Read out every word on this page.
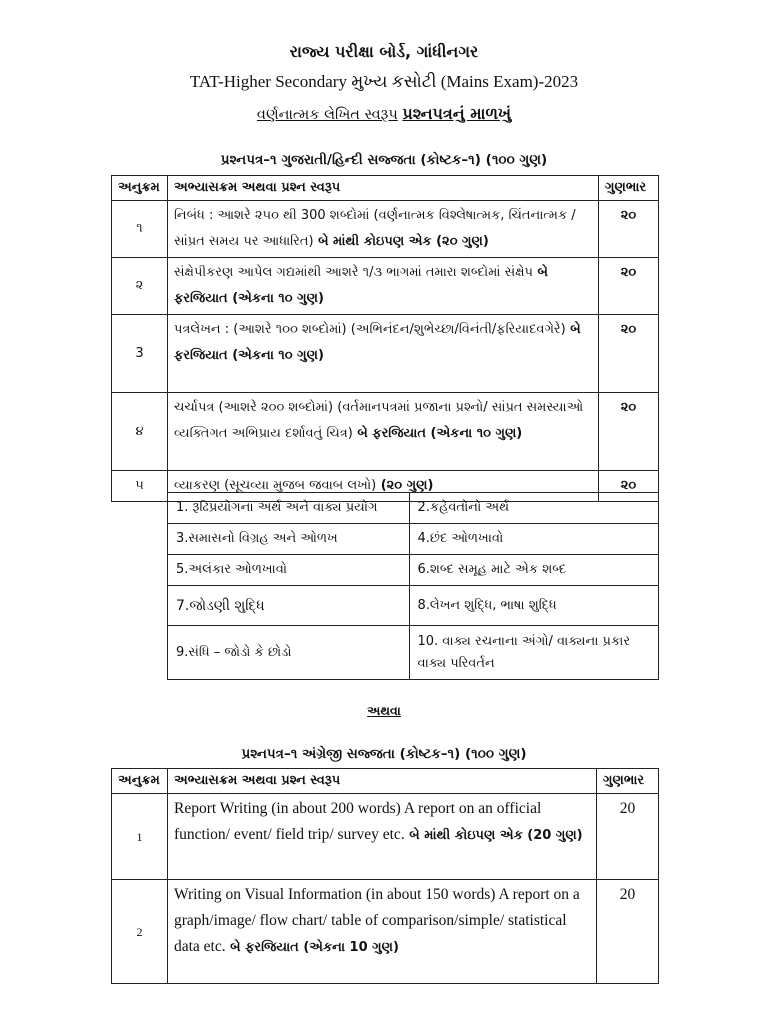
રાજ્ય પરીક્ષા બોર્ડ, ગાંધીનગર
TAT-Higher Secondary મુખ્ય કસોટી (Mains Exam)-2023
વર્ણનાત્મક લેખિત સ્વરૂપ પ્રશ્નપત્રનું માળખું
પ્રશ્નપત્ર–૧ ગુજરાતી/હિન્દી સજ્જતા (કોષ્ટક–૧) (૧૦૦ ગુણ)
અનુક્રમ	અભ્યાસક્રમ અથવા પ્રશ્ન સ્વરૂપ	ગુણભાર
૧	નિબંધ : આશરે ૨૫૦ થી 300 શબ્દોમાં (વર્ણનાત્મક વિશ્લેષાત્મક, ચિંતનાત્મક /સાંપ્રત સમય પર આધારિત) બે માંથી કોઇપણ એક (૨૦ ગુણ)	૨૦
૨	સંક્ષેપીકરણ આપેલ ગદ્યમાંથી આશરે ૧/૩ ભાગમાં તમારા શબ્દોમાં સંક્ષેપ બે ફરજિયાત (એકના ૧૦ ગુણ)	૨૦
3	પત્રલેખન : (આશરે ૧૦૦ શબ્દોમાં) (અભિનંદન/શુભેચ્છા/વિનંતી/ફરિયાદવગેરે) બે ફરજિયાત (એકના ૧૦ ગુણ)	૨૦
૪	ચર્ચાપત્ર (આશરે ૨૦૦ શબ્દોમાં) (વર્તમાનપત્રમાં પ્રજાના પ્રશ્નો/ સાંપ્રત સમસ્યાઓ વ્યક્તિગત અભિપ્રાય દર્શાવતું ચિત્ર) બે ફરજિયાત (એકના ૧૦ ગુણ)	૨૦
૫	વ્યાકરણ (સૂચવ્યા મુજબ જવાબ લખો) (૨૦ ગુણ)	૨૦
1. રૂઢિપ્રયોગના અર્થ અને વાક્ય પ્રયોગ	2.કહેવતોનો અર્થ
3.સમાસનો વિગ્રહ અને ઓળખ	4.છંદ ઓળખાવો
5.અલંકાર ઓળખાવો	6.શબ્દ સમૂહ માટે એક શબ્દ
7.જોડણી શુદ્ધિ	8.લેખન શુદ્ધિ, ભાષા શુદ્ધિ
9.સંધિ – જોડો કે છોડો	10. વાક્ય રચનાના અંગો/ વાક્યના પ્રકાર વાક્ય પરિવર્તન
અથવા
પ્રશ્નપત્ર–૧ અંગ્રેજી સજ્જતા (કોષ્ટક–૧) (૧૦૦ ગુણ)
અનુક્રમ	અભ્યાસક્રમ અથવા પ્રશ્ન સ્વરૂપ	ગુણભાર
1	Report Writing (in about 200 words) A report on an official function/ event/ field trip/ survey etc. બે માંથી કોઇપણ એક (20 ગુણ)	20
2	Writing on Visual Information (in about 150 words) A report on a graph/image/ flow chart/ table of comparison/simple/ statistical data etc. બે ફરજિયાત (એકના 10 ગુણ)	20
